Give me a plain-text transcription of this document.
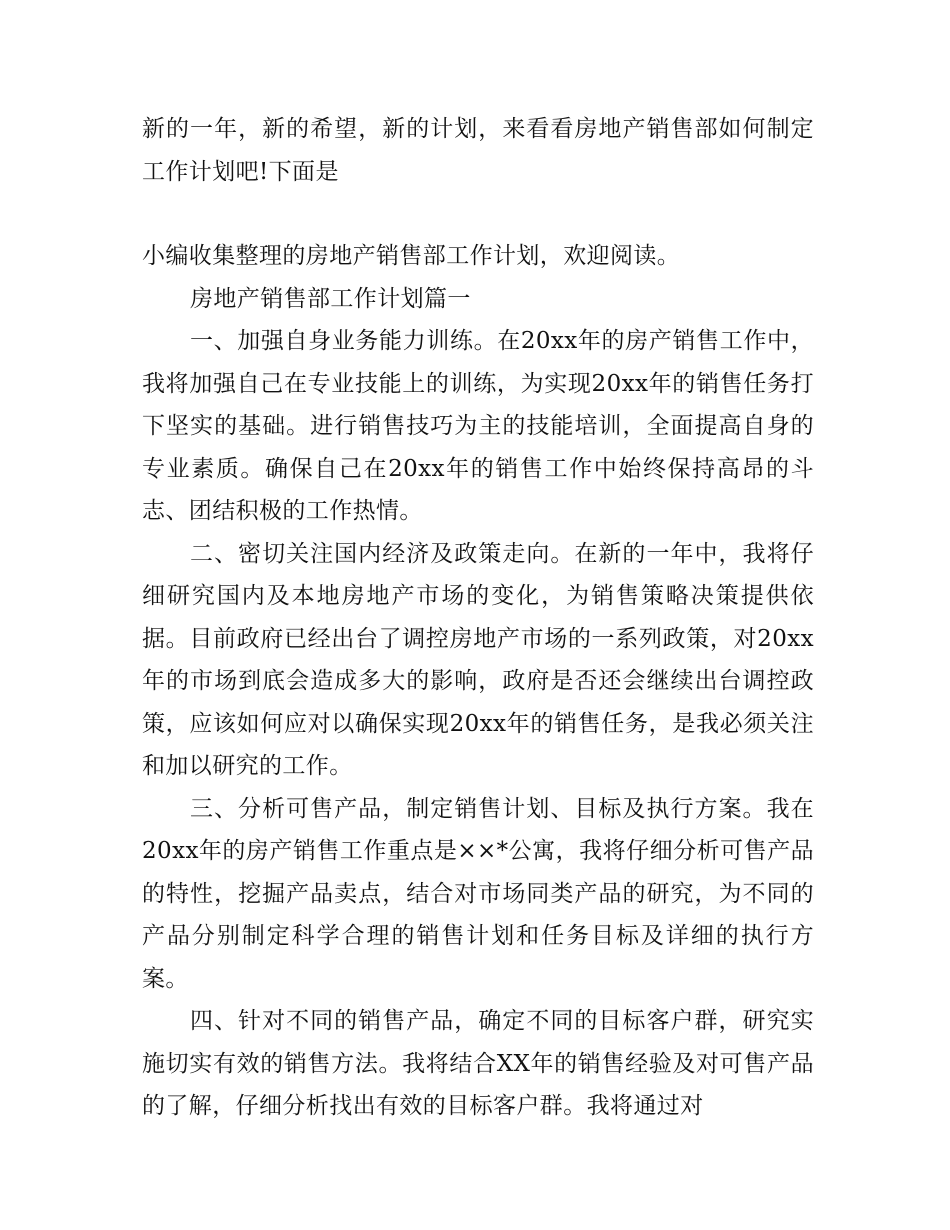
新的一年，新的希望，新的计划，来看看房地产销售部如何制定工作计划吧!下面是

小编收集整理的房地产销售部工作计划，欢迎阅读。

房地产销售部工作计划篇一

一、加强自身业务能力训练。在20xx年的房产销售工作中，我将加强自己在专业技能上的训练，为实现20xx年的销售任务打下坚实的基础。进行销售技巧为主的技能培训，全面提高自身的专业素质。确保自己在20xx年的销售工作中始终保持高昂的斗志、团结积极的工作热情。

二、密切关注国内经济及政策走向。在新的一年中，我将仔细研究国内及本地房地产市场的变化，为销售策略决策提供依据。目前政府已经出台了调控房地产市场的一系列政策，对20xx年的市场到底会造成多大的影响，政府是否还会继续出台调控政策，应该如何应对以确保实现20xx年的销售任务，是我必须关注和加以研究的工作。

三、分析可售产品，制定销售计划、目标及执行方案。我在20xx年的房产销售工作重点是××*公寓，我将仔细分析可售产品的特性，挖掘产品卖点，结合对市场同类产品的研究，为不同的产品分别制定科学合理的销售计划和任务目标及详细的执行方案。

四、针对不同的销售产品，确定不同的目标客户群，研究实施切实有效的销售方法。我将结合XX年的销售经验及对可售产品的了解，仔细分析找出有效的目标客户群。我将通过对
